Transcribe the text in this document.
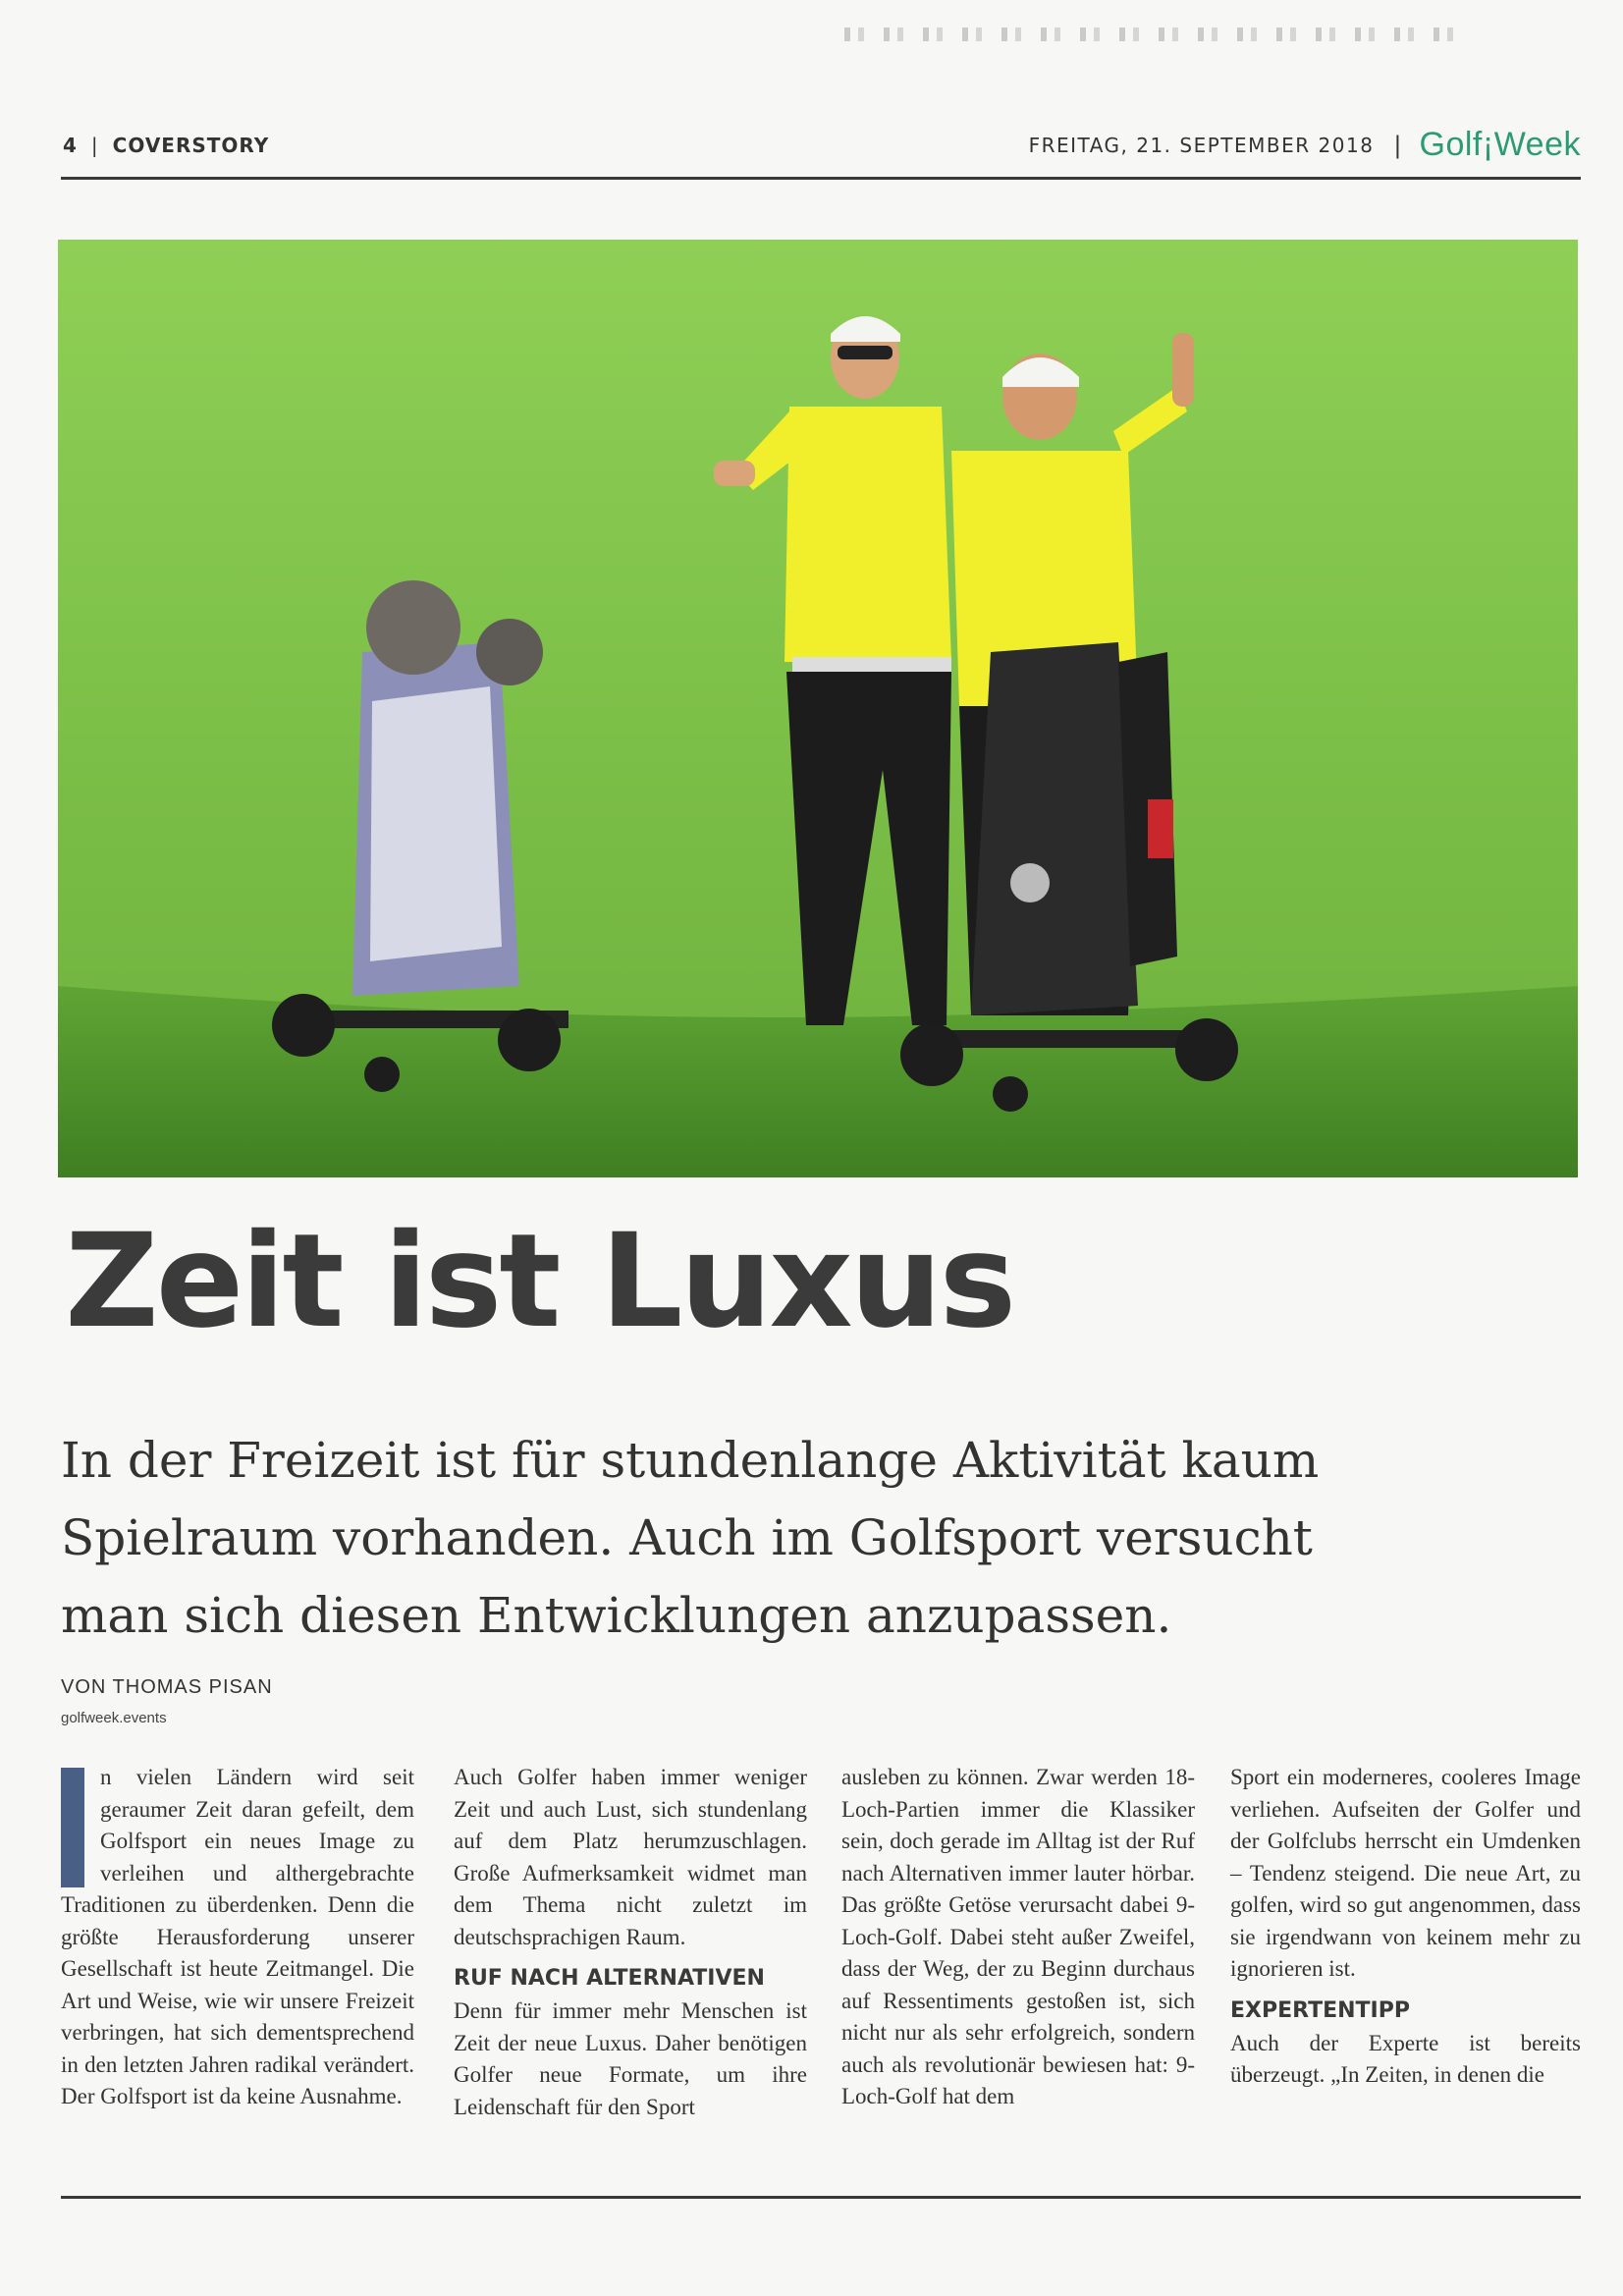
4 | COVERSTORY	FREITAG, 21. SEPTEMBER 2018 | Golf¡Week
Zeit ist Luxus

In der Freizeit ist für stundenlange Aktivität kaum Spielraum vorhanden. Auch im Golfsport versucht man sich diesen Entwicklungen anzupassen.

VON THOMAS PISAN
golfweek.events

n vielen Ländern wird seit geraumer Zeit daran gefeilt, dem Golfsport ein neues Image zu verleihen und althergebrachte Traditionen zu überdenken. Denn die größte Herausforderung unserer Gesellschaft ist heute Zeitmangel. Die Art und Weise, wie wir unsere Freizeit verbringen, hat sich dementsprechend in den letzten Jahren radikal verändert. Der Golfsport ist da keine Ausnahme.

Auch Golfer haben immer weniger Zeit und auch Lust, sich stundenlang auf dem Platz herumzuschlagen. Große Aufmerksamkeit widmet man dem Thema nicht zuletzt im deutschsprachigen Raum.

RUF NACH ALTERNATIVEN

Denn für immer mehr Menschen ist Zeit der neue Luxus. Daher benötigen Golfer neue Formate, um ihre Leidenschaft für den Sport

ausleben zu können. Zwar werden 18-Loch-Partien immer die Klassiker sein, doch gerade im Alltag ist der Ruf nach Alternativen immer lauter hörbar. Das größte Getöse verursacht dabei 9-Loch-Golf. Dabei steht außer Zweifel, dass der Weg, der zu Beginn durchaus auf Ressentiments gestoßen ist, sich nicht nur als sehr erfolgreich, sondern auch als revolutionär bewiesen hat: 9-Loch-Golf hat dem

Sport ein moderneres, cooleres Image verliehen. Aufseiten der Golfer und der Golfclubs herrscht ein Umdenken – Tendenz steigend. Die neue Art, zu golfen, wird so gut angenommen, dass sie irgendwann von keinem mehr zu ignorieren ist.

EXPERTENTIPP

Auch der Experte ist bereits überzeugt. „In Zeiten, in denen die
